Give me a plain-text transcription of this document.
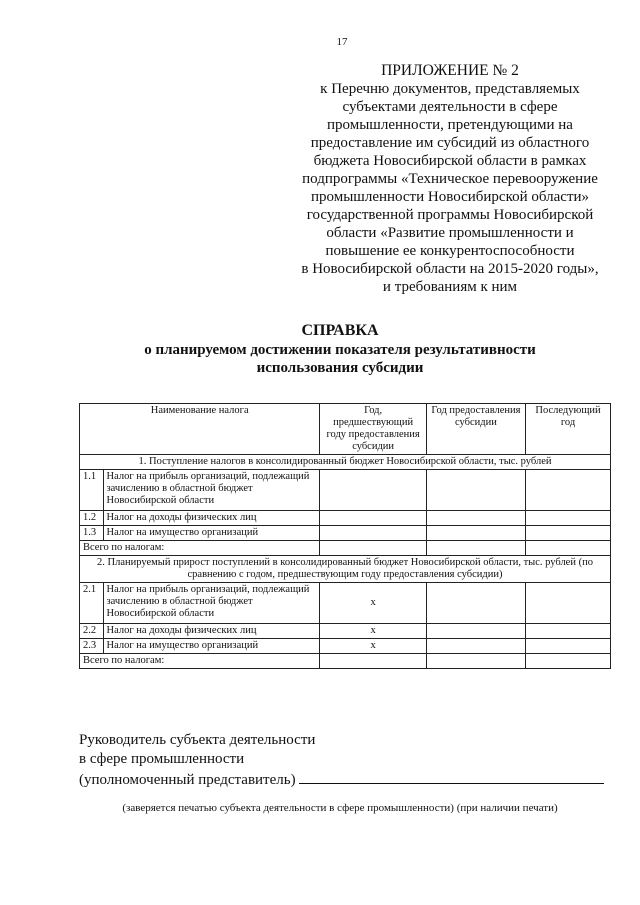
17
ПРИЛОЖЕНИЕ № 2
к Перечню документов, представляемых
субъектами деятельности в сфере
промышленности, претендующими на
предоставление им субсидий из областного
бюджета Новосибирской области в рамках
подпрограммы «Техническое перевооружение
промышленности Новосибирской области»
государственной программы Новосибирской
области «Развитие промышленности и
повышение ее конкурентоспособности
в Новосибирской области на 2015-2020 годы»,
и требованиям к ним
СПРАВКА
о планируемом достижении показателя результативности
использования субсидии
Наименование налога		Год, предшествующий году предоставления субсидии	Год предоставления субсидии	Последующий год
1. Поступление налогов в консолидированный бюджет Новосибирской области, тыс. рублей				
1.1	Налог на прибыль организаций, подлежащий зачислению в областной бюджет Новосибирской области			
1.2	Налог на доходы физических лиц			
1.3	Налог на имущество организаций			
Всего по налогам:				
2. Планируемый прирост поступлений в консолидированный бюджет Новосибирской области, тыс. рублей (по сравнению с годом, предшествующим году предоставления субсидии)				
2.1	Налог на прибыль организаций, подлежащий зачислению в областной бюджет Новосибирской области	х		
2.2	Налог на доходы физических лиц	х		
2.3	Налог на имущество организаций	х		
Всего по налогам:				
Руководитель субъекта деятельности
в сфере промышленности
(уполномоченный представитель)
(заверяется печатью субъекта деятельности в сфере промышленности) (при наличии печати)
